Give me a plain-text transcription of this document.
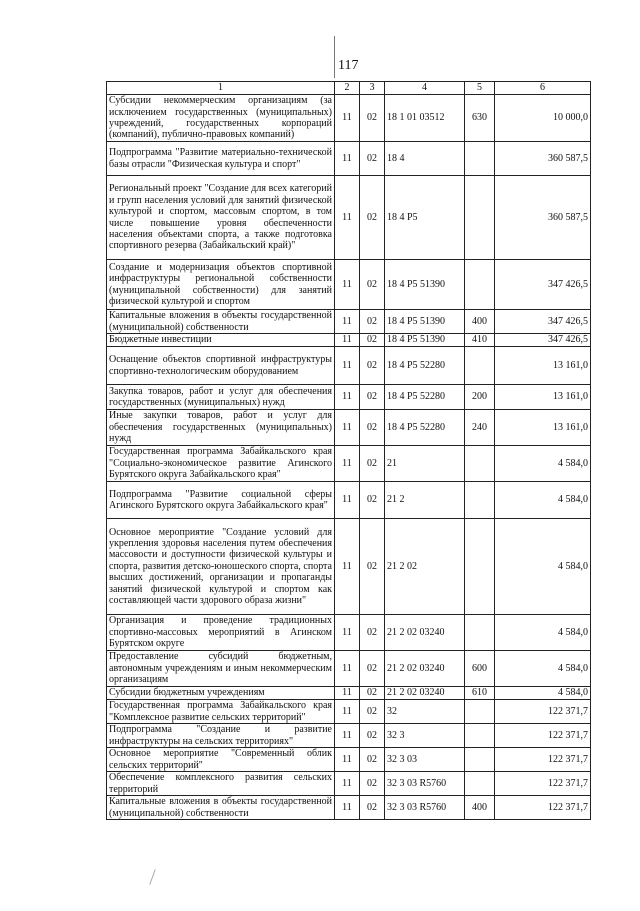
117
1	2	3	4	5	6
Субсидии некоммерческим организациям (за исключением государственных (муниципальных) учреждений, государственных корпораций (компаний), публично-правовых компаний)	11	02	18 1 01 03512	630	10 000,0
Подпрограмма "Развитие материально-технической базы отрасли "Физическая культура и спорт"	11	02	18 4		360 587,5
Региональный проект "Создание для всех категорий и групп населения условий для занятий физической культурой и спортом, массовым спортом, в том числе повышение уровня обеспеченности населения объектами спорта, а также подготовка спортивного резерва (Забайкальский край)"	11	02	18 4 P5		360 587,5
Создание и модернизация объектов спортивной инфраструктуры региональной собственности (муниципальной собственности) для занятий физической культурой и спортом	11	02	18 4 P5 51390		347 426,5
Капитальные вложения в объекты государственной (муниципальной) собственности	11	02	18 4 P5 51390	400	347 426,5
Бюджетные инвестиции	11	02	18 4 P5 51390	410	347 426,5
Оснащение объектов спортивной инфраструктуры спортивно-технологическим оборудованием	11	02	18 4 P5 52280		13 161,0
Закупка товаров, работ и услуг для обеспечения государственных (муниципальных) нужд	11	02	18 4 P5 52280	200	13 161,0
Иные закупки товаров, работ и услуг для обеспечения государственных (муниципальных) нужд	11	02	18 4 P5 52280	240	13 161,0
Государственная программа Забайкальского края "Социально-экономическое развитие Агинского Бурятского округа Забайкальского края"	11	02	21		4 584,0
Подпрограмма "Развитие социальной сферы Агинского Бурятского округа Забайкальского края"	11	02	21 2		4 584,0
Основное мероприятие "Создание условий для укрепления здоровья населения путем обеспечения массовости и доступности физической культуры и спорта, развития детско-юношеского спорта, спорта высших достижений, организации и пропаганды занятий физической культурой и спортом как составляющей части здорового образа жизни"	11	02	21 2 02		4 584,0
Организация и проведение традиционных спортивно-массовых мероприятий в Агинском Бурятском округе	11	02	21 2 02 03240		4 584,0
Предоставление субсидий бюджетным, автономным учреждениям и иным некоммерческим организациям	11	02	21 2 02 03240	600	4 584,0
Субсидии бюджетным учреждениям	11	02	21 2 02 03240	610	4 584,0
Государственная программа Забайкальского края "Комплексное развитие сельских территорий"	11	02	32		122 371,7
Подпрограмма "Создание и развитие инфраструктуры на сельских территориях"	11	02	32 3		122 371,7
Основное мероприятие "Современный облик сельских территорий"	11	02	32 3 03		122 371,7
Обеспечение комплексного развития сельских территорий	11	02	32 3 03 R5760		122 371,7
Капитальные вложения в объекты государственной (муниципальной) собственности	11	02	32 3 03 R5760	400	122 371,7
